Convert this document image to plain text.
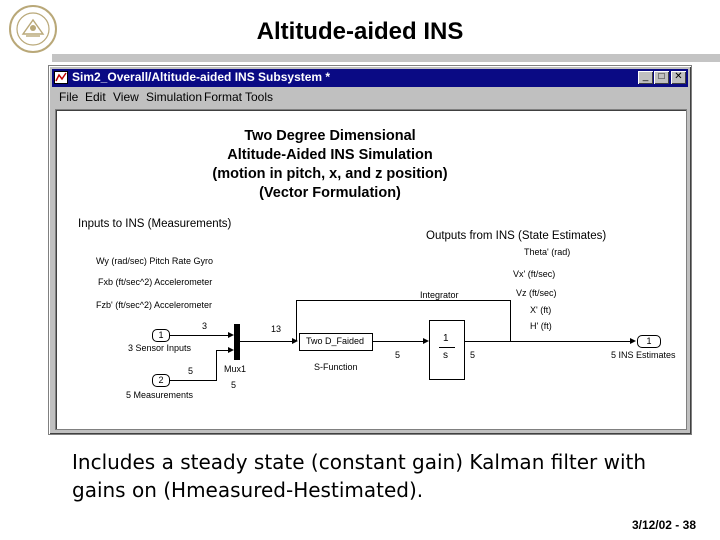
Altitude-aided INS
Sim2_Overall/Altitude-aided INS Subsystem *	_	□ ✕
File Edit View Simulation Format Tools
Two Degree Dimensional
Altitude-Aided INS Simulation
(motion in pitch, x, and z position)
(Vector Formulation)
Inputs to INS (Measurements)
Outputs from INS (State Estimates)
Wy (rad/sec) Pitch Rate Gyro
Fxb (ft/sec^2) Accelerometer
Fzb' (ft/sec^2) Accelerometer
Theta' (rad)
Vx' (ft/sec)
Vz (ft/sec)
X' (ft)
H' (ft)
1
3 Sensor Inputs
3
2
5 Measurements
5	Mux1
5
13
Two D_Faided
S-Function
5
1
s
Integrator
5
1
5 INS Estimates
Includes a steady state (constant gain) Kalman filter with gains on (Hmeasured-Hestimated).
3/12/02 - 38
